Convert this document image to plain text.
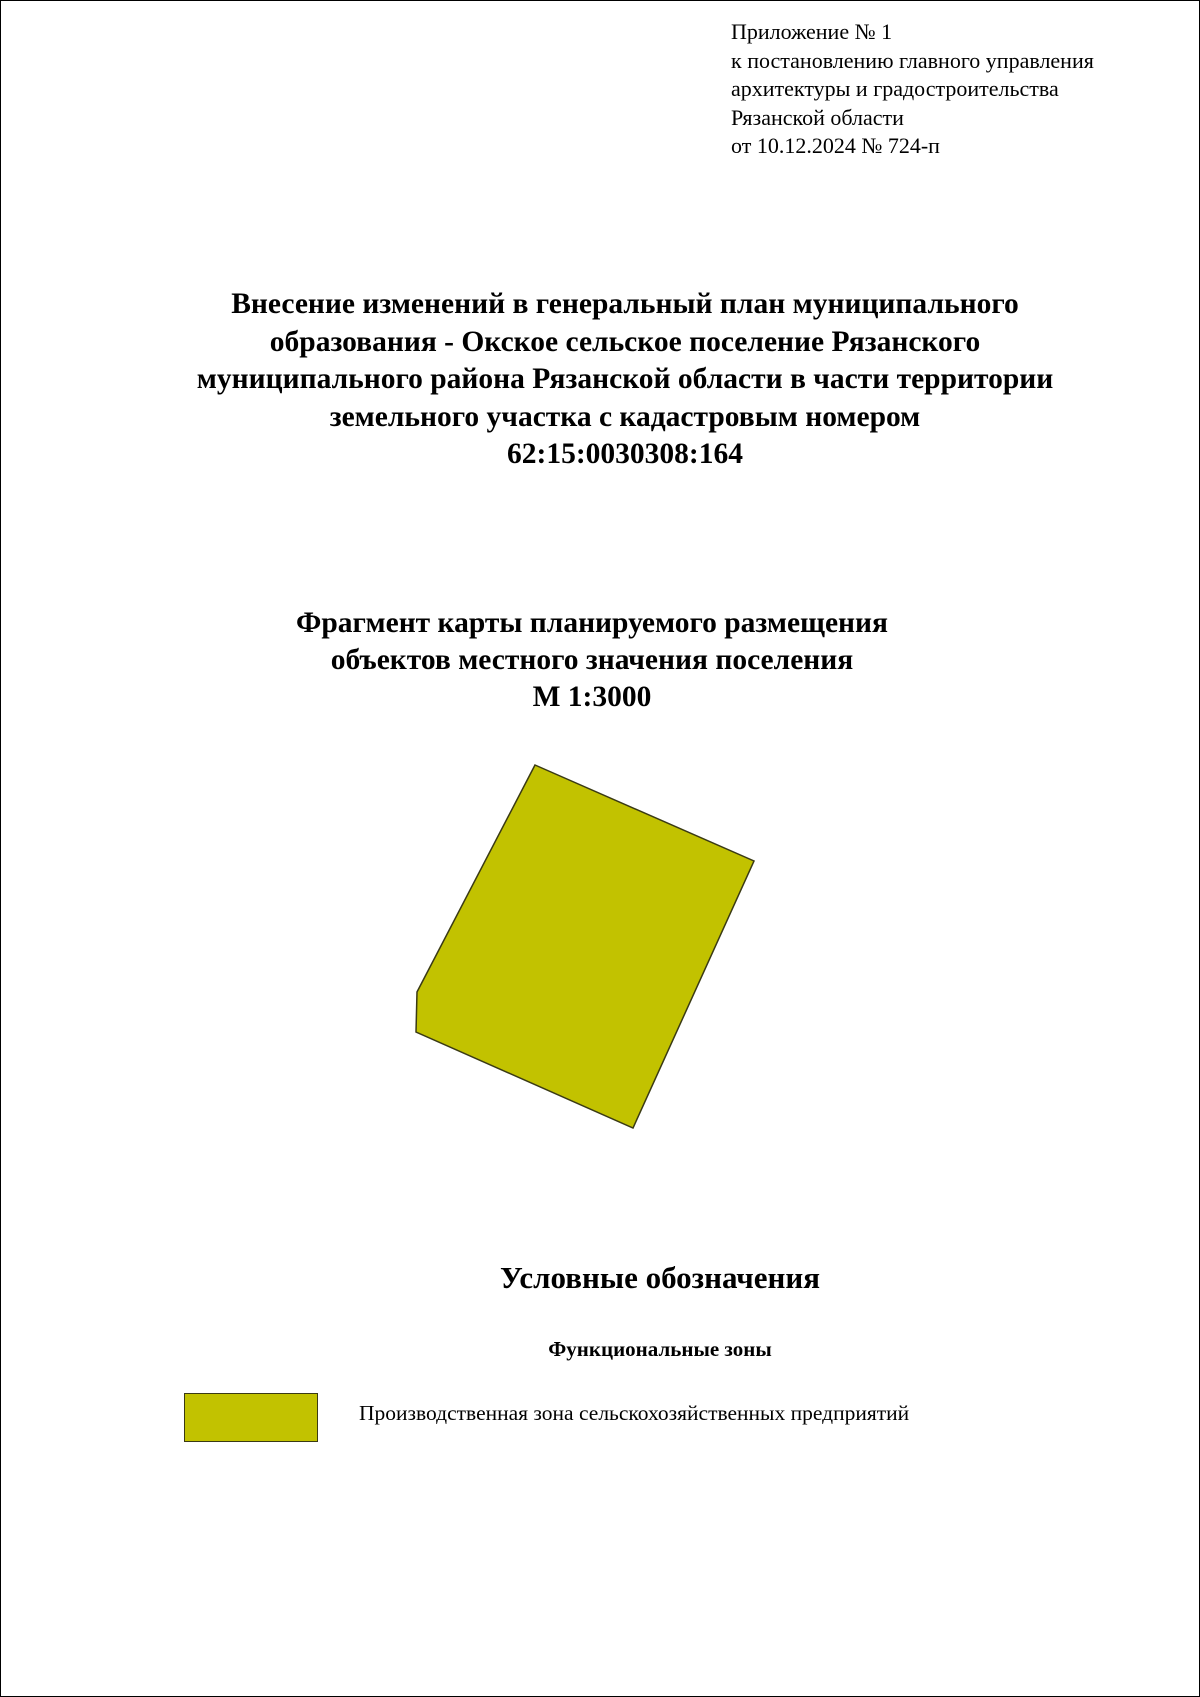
Приложение № 1
к постановлению главного управления
архитектуры и градостроительства
Рязанской области
от 10.12.2024 № 724-п
Внесение изменений в генеральный план муниципального
образования - Окское сельское поселение Рязанского
муниципального района Рязанской области в части территории
земельного участка с кадастровым номером
62:15:0030308:164
Фрагмент карты планируемого размещения
объектов местного значения поселения
М 1:3000
Условные обозначения
Функциональные зоны
Производственная зона сельскохозяйственных предприятий
